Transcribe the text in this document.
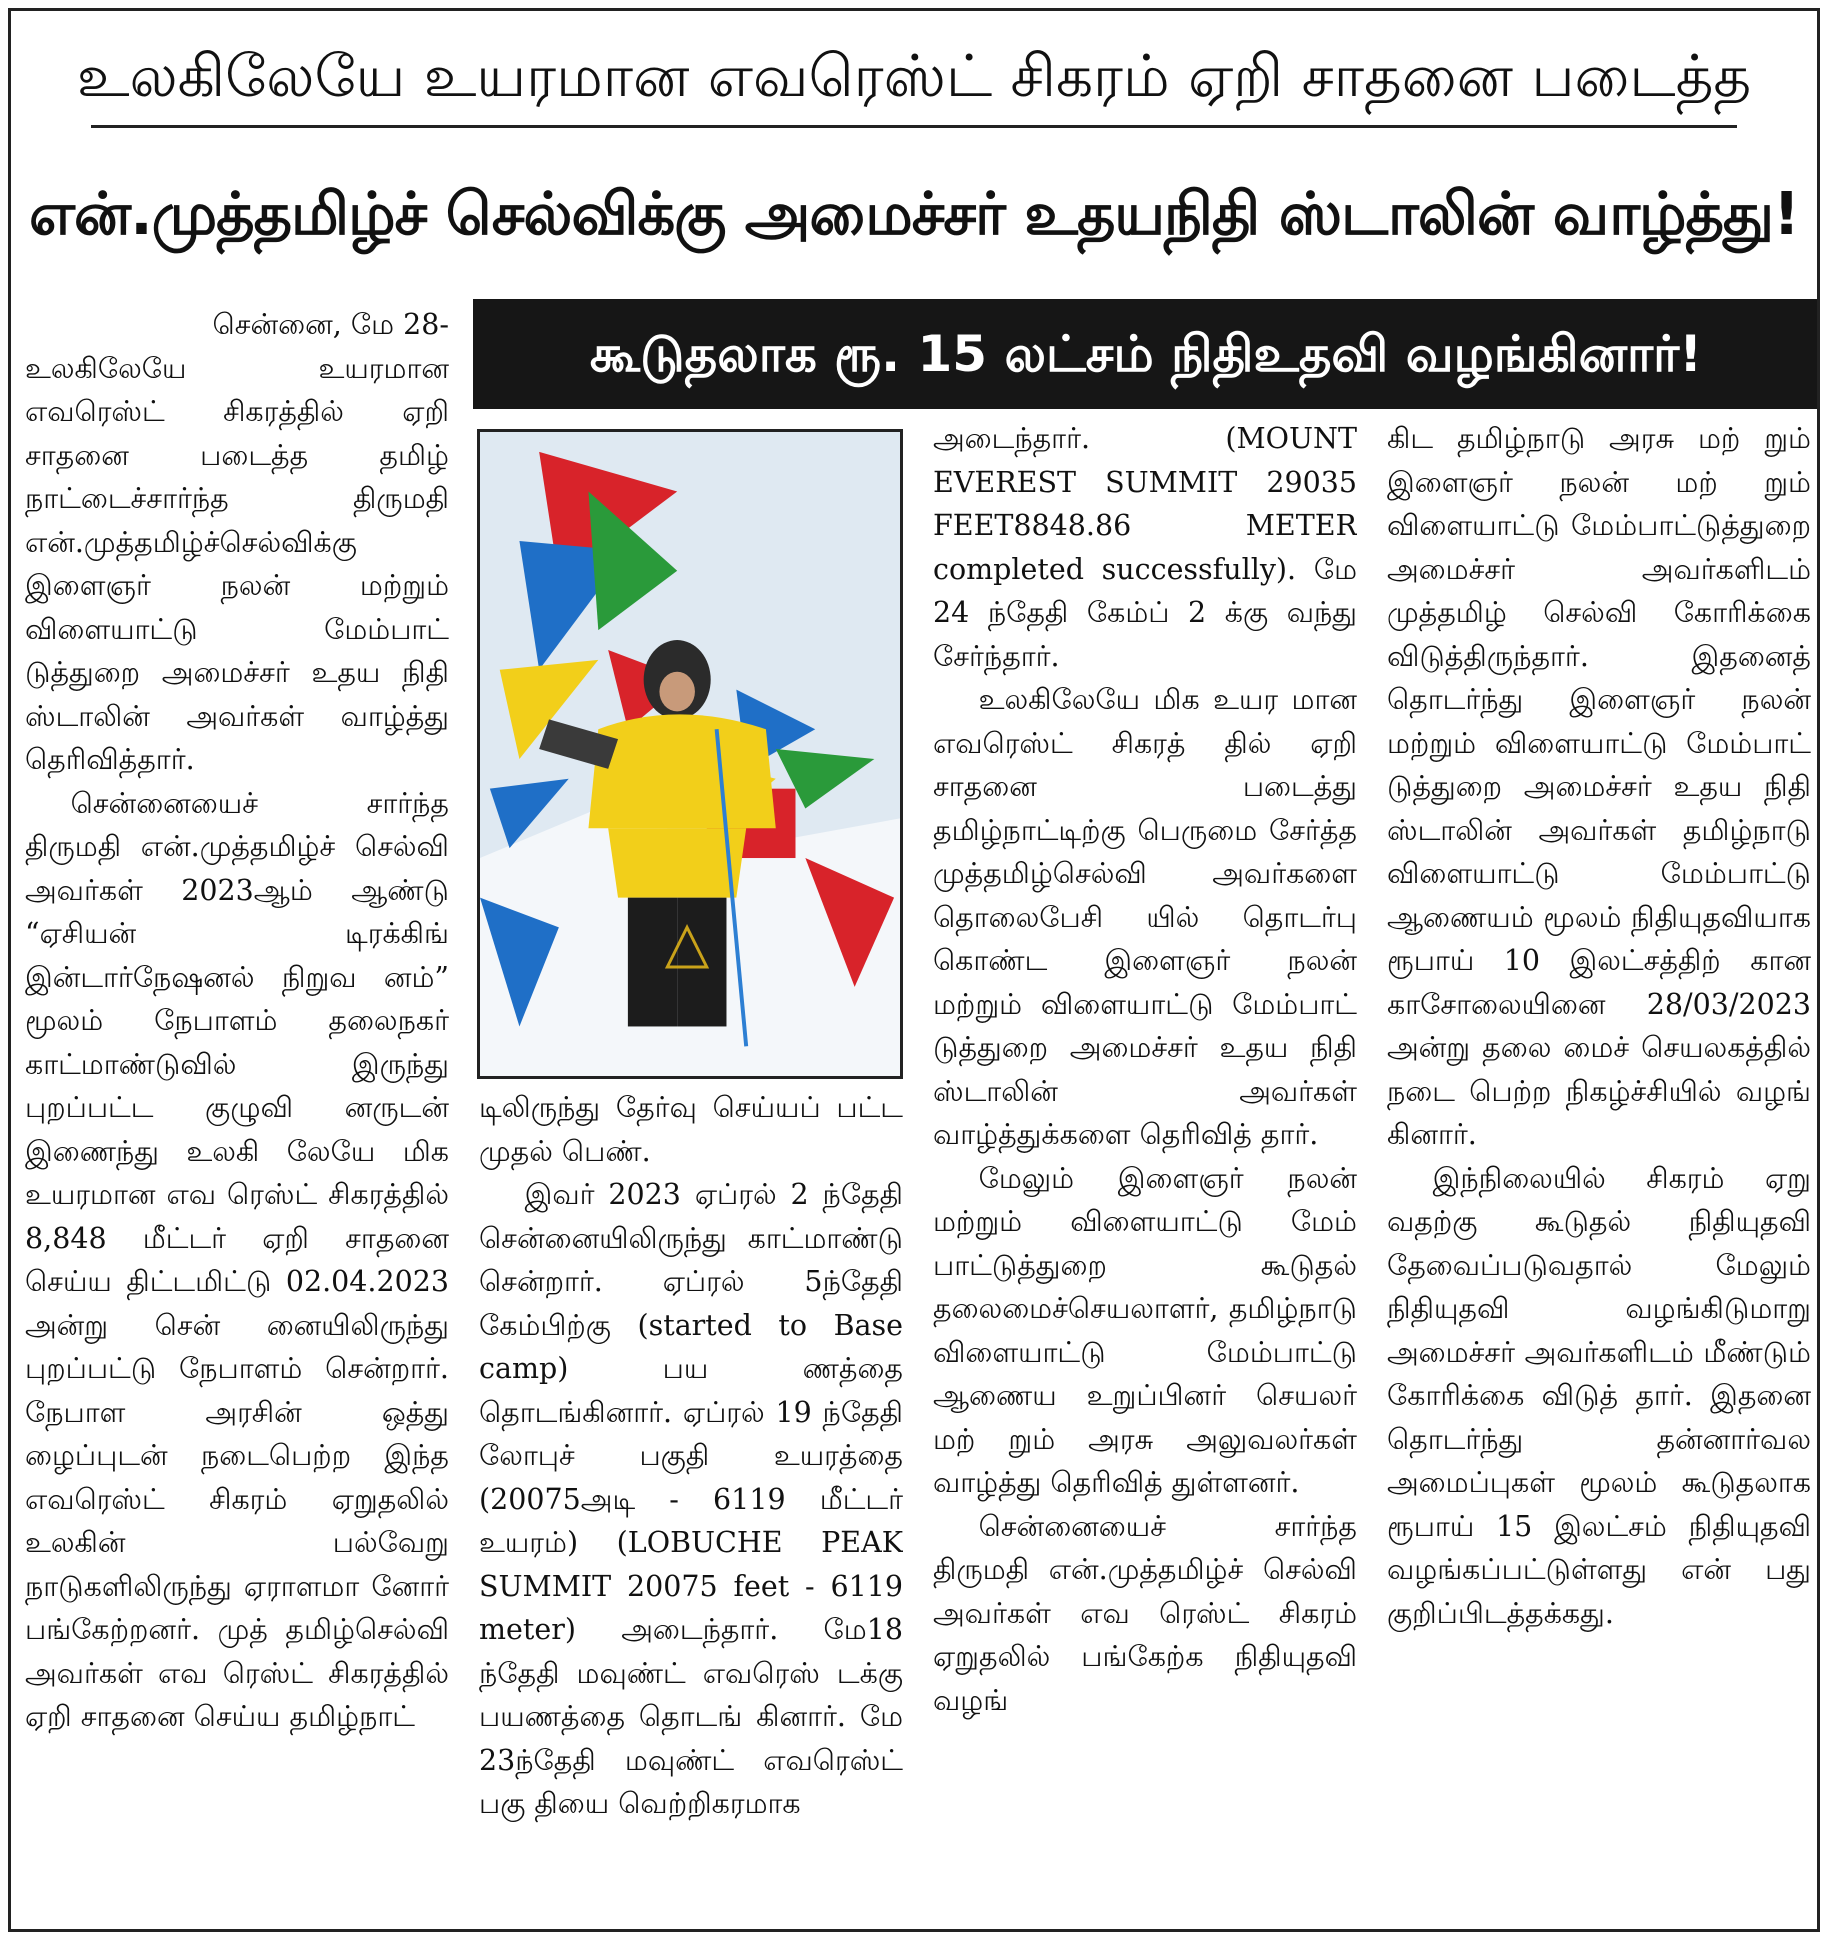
உலகிலேயே உயரமான எவரெஸ்ட் சிகரம் ஏறி சாதனை படைத்த
என்.முத்தமிழ்ச் செல்விக்கு அமைச்சர் உதயநிதி ஸ்டாலின் வாழ்த்து!
கூடுதலாக ரூ. 15 லட்சம் நிதிஉதவி வழங்கினார்!

சென்னை, மே 28-

உலகிலேயே உயரமான எவரெஸ்ட் சிகரத்தில் ஏறி சாதனை படைத்த தமிழ் நாட்டைச்சார்ந்த திருமதி என்.முத்தமிழ்ச்செல்விக்கு இளைஞர் நலன் மற்றும் விளையாட்டு மேம்பாட் டுத்துறை அமைச்சர் உதய நிதி ஸ்டாலின் அவர்கள் வாழ்த்து தெரிவித்தார்.

சென்னையைச் சார்ந்த திருமதி என்.முத்தமிழ்ச் செல்வி அவர்கள் 2023ஆம் ஆண்டு “ஏசியன் டிரக்கிங் இன்டார்நேஷனல் நிறுவ னம்” மூலம் நேபாளம் தலைநகர் காட்மாண்டுவில் இருந்து புறப்பட்ட குழுவி னருடன் இணைந்து உலகி லேயே மிக உயரமான எவ ரெஸ்ட் சிகரத்தில் 8,848 மீட்டர் ஏறி சாதனை செய்ய திட்டமிட்டு 02.04.2023 அன்று சென் னையிலிருந்து புறப்பட்டு நேபாளம் சென்றார். நேபாள அரசின் ஒத்து ழைப்புடன் நடைபெற்ற இந்த எவரெஸ்ட் சிகரம் ஏறுதலில் உலகின் பல்வேறு நாடுகளிலிருந்து ஏராளமா னோர் பங்கேற்றனர். முத் தமிழ்செல்வி அவர்கள் எவ ரெஸ்ட் சிகரத்தில் ஏறி சாதனை செய்ய தமிழ்நாட்

டிலிருந்து தேர்வு செய்யப் பட்ட முதல் பெண்.

இவர் 2023 ஏப்ரல் 2 ந்தேதி சென்னையிலிருந்து காட்மாண்டு சென்றார். ஏப்ரல் 5ந்தேதி கேம்பிற்கு (started to Base camp) பய ணத்தை தொடங்கினார். ஏப்ரல் 19 ந்தேதி லோபுச் பகுதி உயரத்தை (20075அடி - 6119 மீட்டர் உயரம்) (LOBUCHE PEAK SUMMIT 20075 feet - 6119 meter) அடைந்தார். மே18 ந்தேதி மவுண்ட் எவரெஸ் டக்கு பயணத்தை தொடங் கினார். மே 23ந்தேதி மவுண்ட் எவரெஸ்ட் பகு தியை வெற்றிகரமாக

அடைந்தார். (MOUNT EVEREST SUMMIT 29035 FEET8848.86 METER completed successfully). மே 24 ந்தேதி கேம்ப் 2 க்கு வந்து சேர்ந்தார்.

உலகிலேயே மிக உயர மான எவரெஸ்ட் சிகரத் தில் ஏறி சாதனை படைத்து தமிழ்நாட்டிற்கு பெருமை சேர்த்த முத்தமிழ்செல்வி அவர்களை தொலைபேசி யில் தொடர்பு கொண்ட இளைஞர் நலன் மற்றும் விளையாட்டு மேம்பாட் டுத்துறை அமைச்சர் உதய நிதி ஸ்டாலின் அவர்கள் வாழ்த்துக்களை தெரிவித் தார்.

மேலும் இளைஞர் நலன் மற்றும் விளையாட்டு மேம் பாட்டுத்துறை கூடுதல் தலைமைச்செயலாளர், தமிழ்நாடு விளையாட்டு மேம்பாட்டு ஆணைய உறுப்பினர் செயலர் மற் றும் அரசு அலுவலர்கள் வாழ்த்து தெரிவித் துள்ளனர்.

சென்னையைச் சார்ந்த திருமதி என்.முத்தமிழ்ச் செல்வி அவர்கள் எவ ரெஸ்ட் சிகரம் ஏறுதலில் பங்கேற்க நிதியுதவி வழங்

கிட தமிழ்நாடு அரசு மற் றும் இளைஞர் நலன் மற் றும் விளையாட்டு மேம்பாட்டுத்துறை அமைச்சர் அவர்களிடம் முத்தமிழ் செல்வி கோரிக்கை விடுத்திருந்தார். இதனைத் தொடர்ந்து இளைஞர் நலன் மற்றும் விளையாட்டு மேம்பாட் டுத்துறை அமைச்சர் உதய நிதி ஸ்டாலின் அவர்கள் தமிழ்நாடு விளையாட்டு மேம்பாட்டு ஆணையம் மூலம் நிதியுதவியாக ரூபாய் 10 இலட்சத்திற் கான காசோலையினை 28/03/2023 அன்று தலை மைச் செயலகத்தில் நடை பெற்ற நிகழ்ச்சியில் வழங் கினார்.

இந்நிலையில் சிகரம் ஏறு வதற்கு கூடுதல் நிதியுதவி தேவைப்படுவதால் மேலும் நிதியுதவி வழங்கிடுமாறு அமைச்சர் அவர்களிடம் மீண்டும் கோரிக்கை விடுத் தார். இதனை தொடர்ந்து தன்னார்வல அமைப்புகள் மூலம் கூடுதலாக ரூபாய் 15 இலட்சம் நிதியுதவி வழங்கப்பட்டுள்ளது என் பது குறிப்பிடத்தக்கது.
